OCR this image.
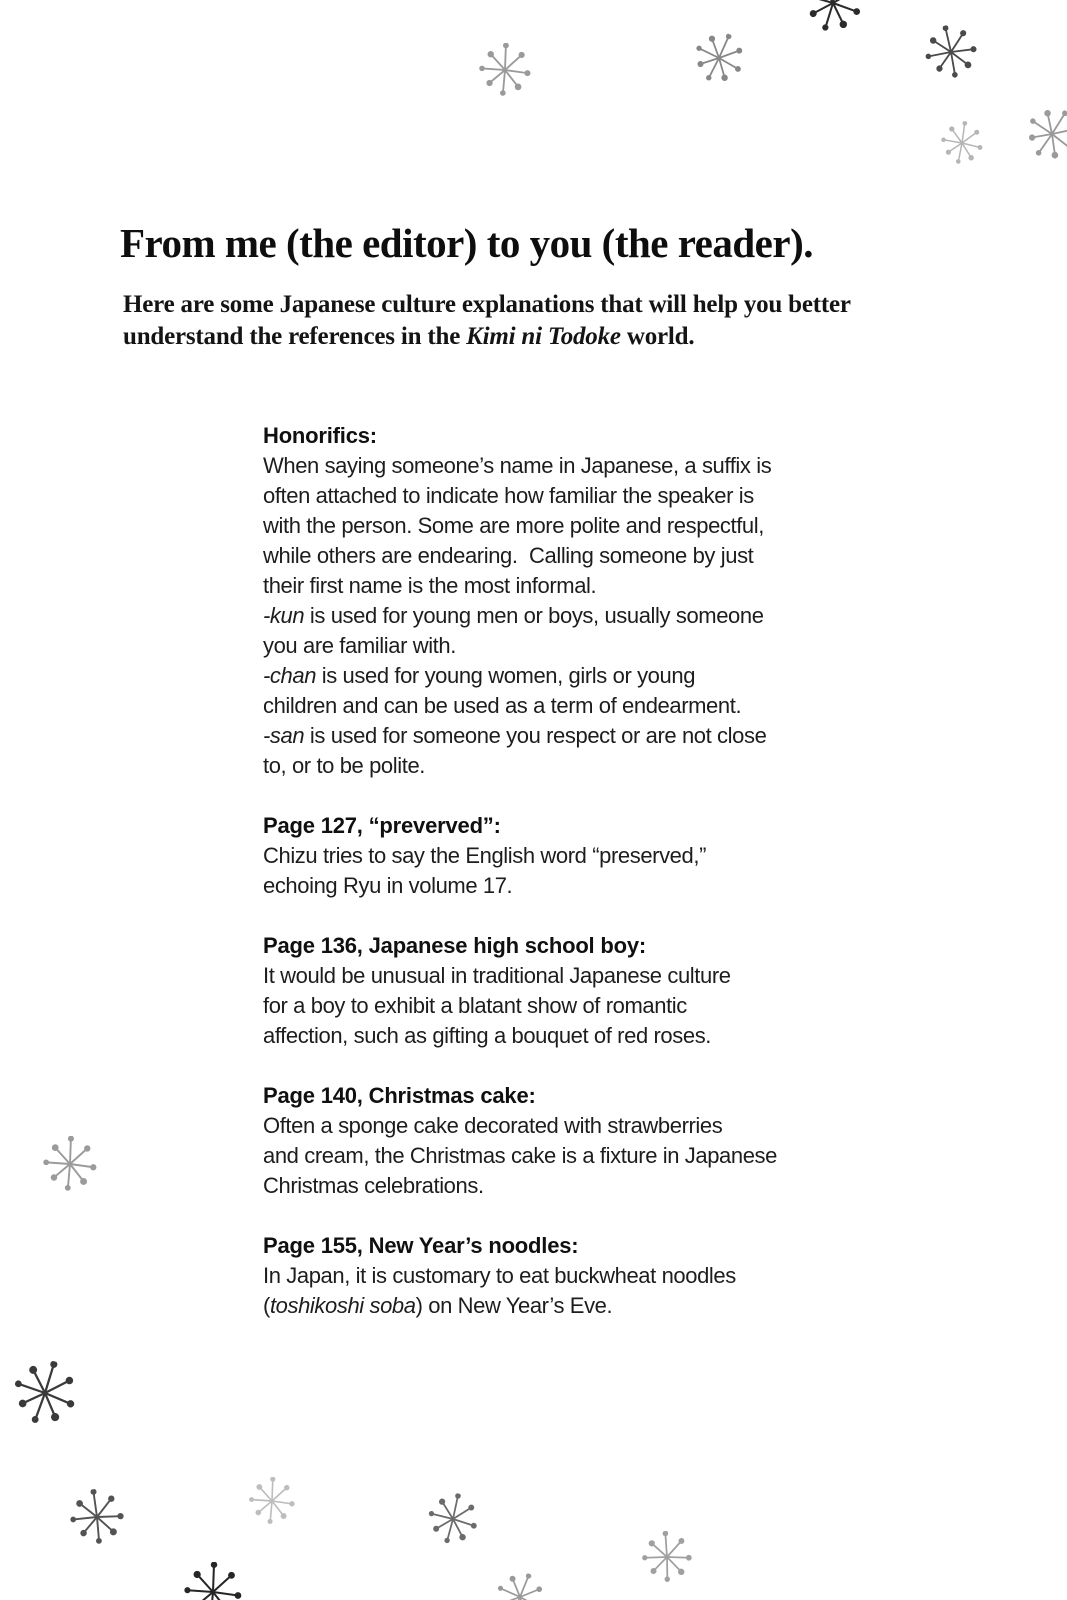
From me (the editor) to you (the reader).
Here are some Japanese culture explanations that will help you better
understand the references in the Kimi ni Todoke world.
Honorifics:
When saying someone’s name in Japanese, a suffix is
often attached to indicate how familiar the speaker is
with the person. Some are more polite and respectful,
while others are endearing.  Calling someone by just
their first name is the most informal.
-kun is used for young men or boys, usually someone
you are familiar with.
-chan is used for young women, girls or young
children and can be used as a term of endearment.
-san is used for someone you respect or are not close
to, or to be polite.
Page 127, “preverved”:
Chizu tries to say the English word “preserved,”
echoing Ryu in volume 17.
Page 136, Japanese high school boy:
It would be unusual in traditional Japanese culture
for a boy to exhibit a blatant show of romantic
affection, such as gifting a bouquet of red roses.
Page 140, Christmas cake:
Often a sponge cake decorated with strawberries
and cream, the Christmas cake is a fixture in Japanese
Christmas celebrations.
Page 155, New Year’s noodles:
In Japan, it is customary to eat buckwheat noodles
(toshikoshi soba) on New Year’s Eve.
